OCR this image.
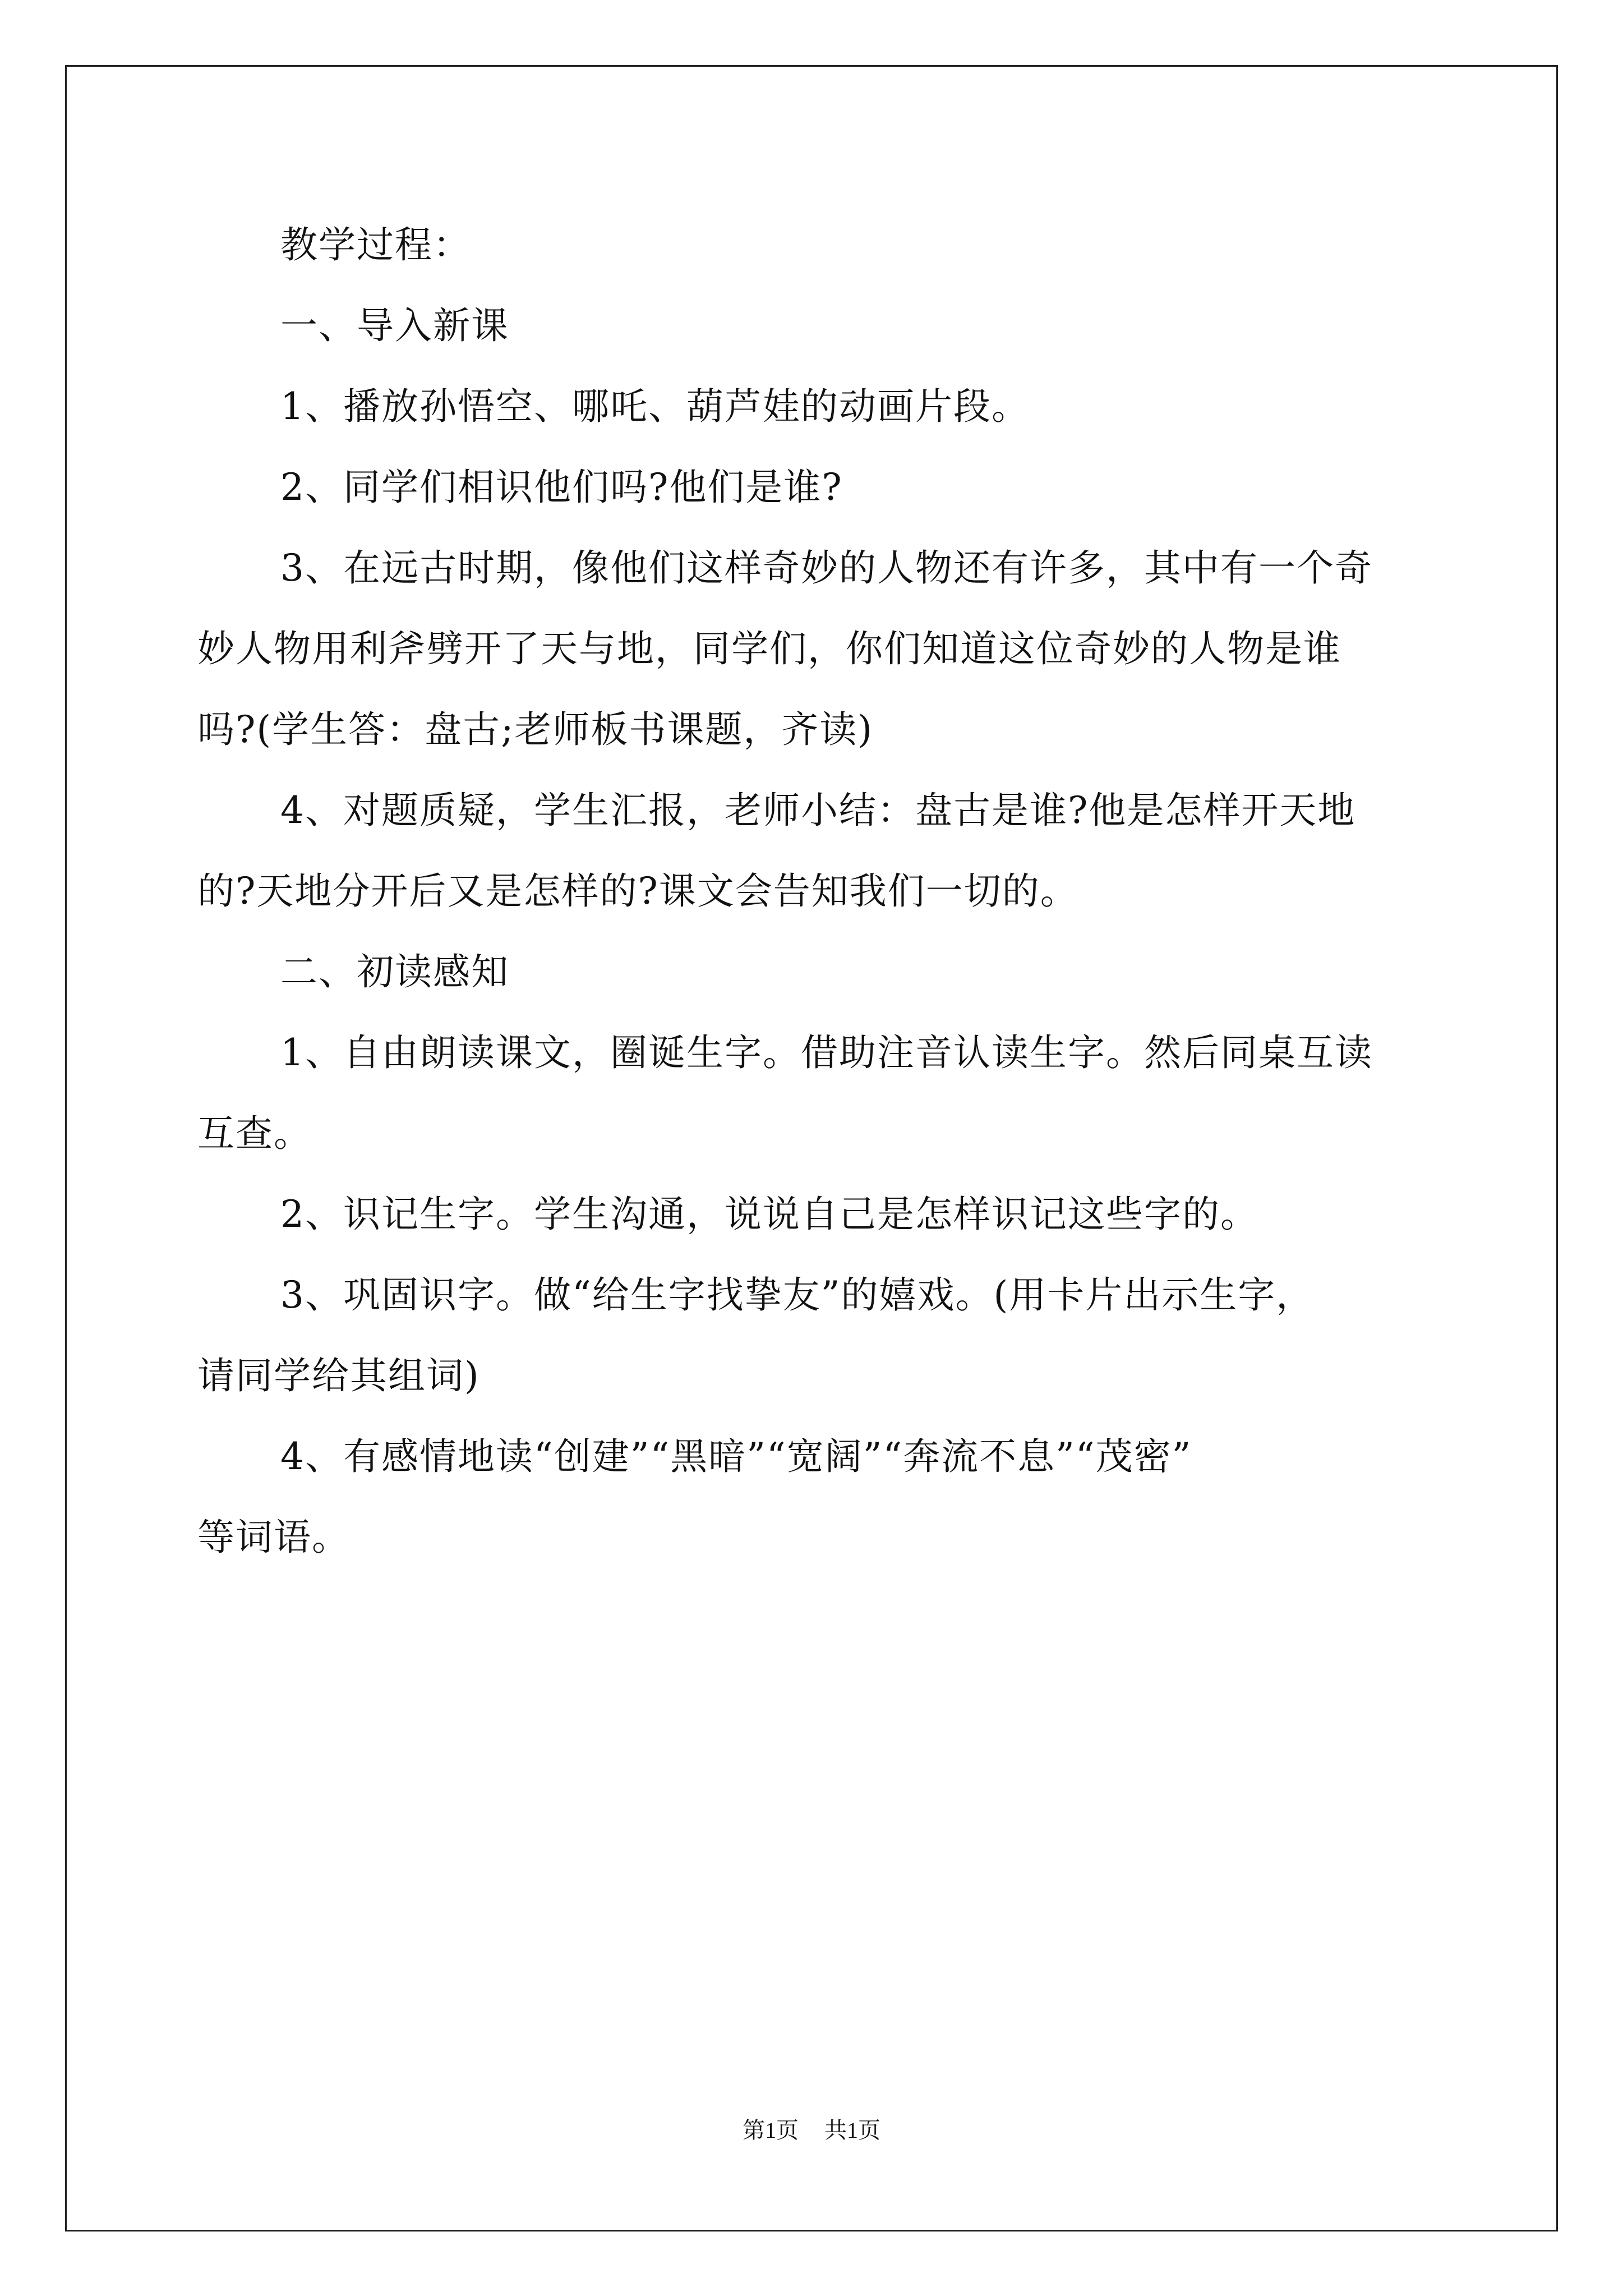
教学过程：
一、导入新课
1、播放孙悟空、哪吒、葫芦娃的动画片段。
2、同学们相识他们吗?他们是谁?
3、在远古时期，像他们这样奇妙的人物还有许多，其中有一个奇
妙人物用利斧劈开了天与地，同学们，你们知道这位奇妙的人物是谁
吗?(学生答：盘古;老师板书课题，齐读)
4、对题质疑，学生汇报，老师小结：盘古是谁?他是怎样开天地
的?天地分开后又是怎样的?课文会告知我们一切的。
二、初读感知
1、自由朗读课文，圈诞生字。借助注音认读生字。然后同桌互读
互查。
2、识记生字。学生沟通，说说自己是怎样识记这些字的。
3、巩固识字。做“给生字找挚友”的嬉戏。(用卡片出示生字，
请同学给其组词)
4、有感情地读“创建”“黑暗”“宽阔”“奔流不息”“茂密”
等词语。
第1页 共1页
